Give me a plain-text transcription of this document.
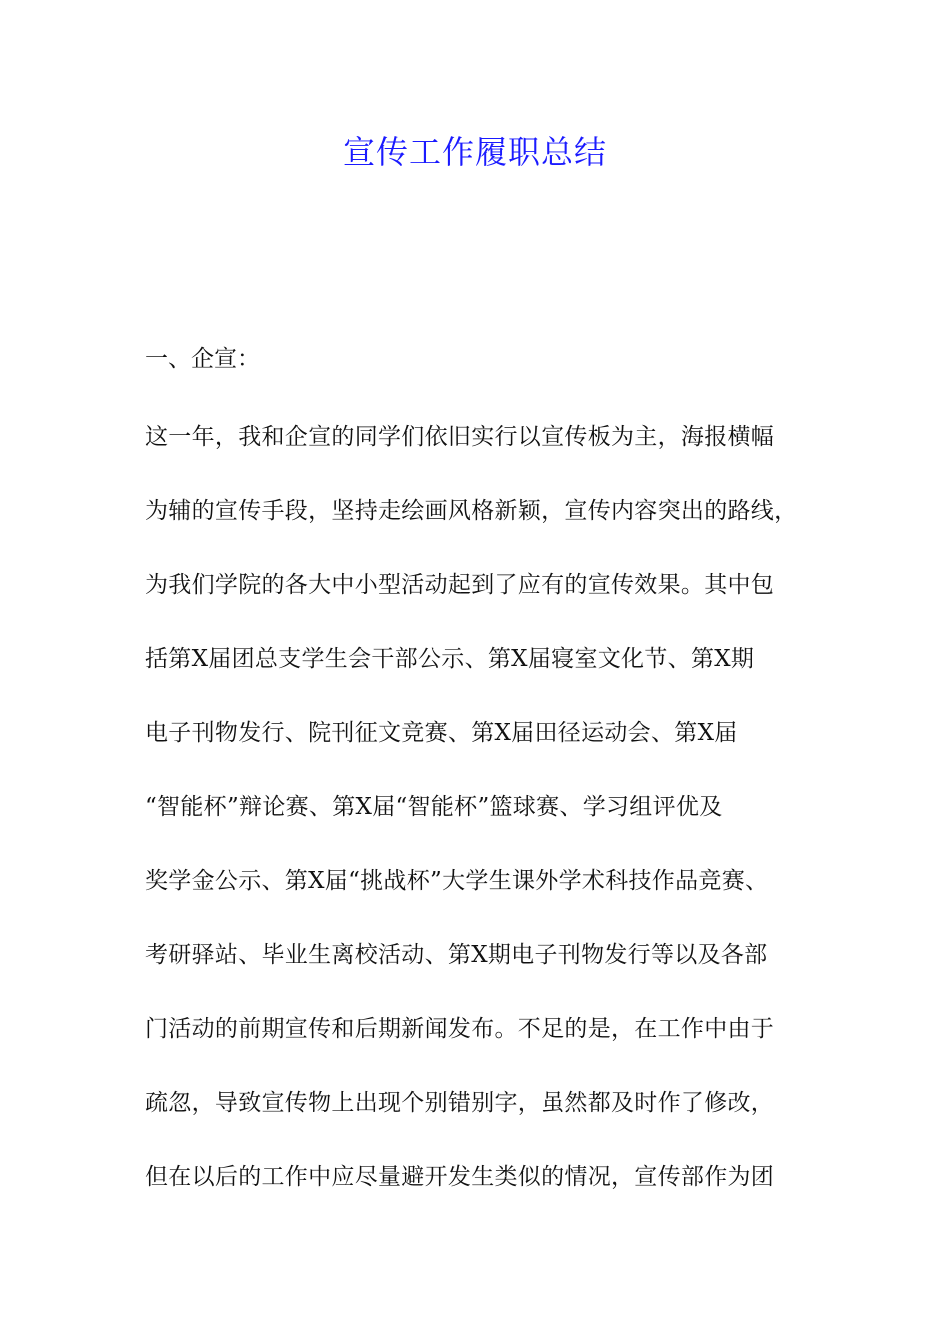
宣传工作履职总结

一、企宣：

这一年，我和企宣的同学们依旧实行以宣传板为主，海报横幅
为辅的宣传手段，坚持走绘画风格新颖，宣传内容突出的路线，
为我们学院的各大中小型活动起到了应有的宣传效果。其中包
括第X届团总支学生会干部公示、第X届寝室文化节、第X期
电子刊物发行、院刊征文竞赛、第X届田径运动会、第X届
“智能杯”辩论赛、第X届“智能杯”篮球赛、学习组评优及
奖学金公示、第X届“挑战杯”大学生课外学术科技作品竞赛、
考研驿站、毕业生离校活动、第X期电子刊物发行等以及各部
门活动的前期宣传和后期新闻发布。不足的是，在工作中由于
疏忽，导致宣传物上出现个别错别字，虽然都及时作了修改，
但在以后的工作中应尽量避开发生类似的情况，宣传部作为团
